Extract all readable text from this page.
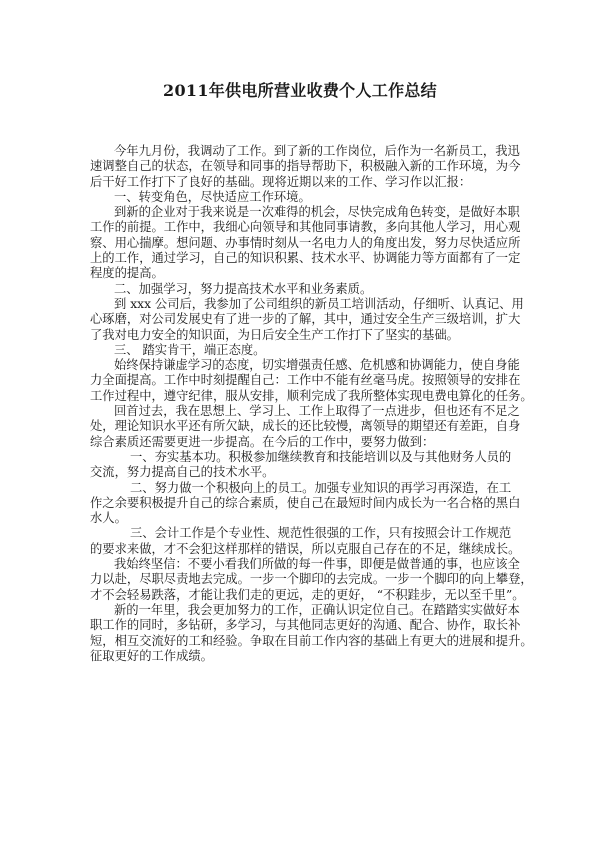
2011年供电所营业收费个人工作总结
今年九月份，我调动了工作。到了新的工作岗位，后作为一名新员工，我迅
速调整自己的状态，在领导和同事的指导帮助下，积极融入新的工作环境，为今
后干好工作打下了良好的基础。现将近期以来的工作、学习作以汇报：
一、转变角色，尽快适应工作环境。
到新的企业对于我来说是一次难得的机会，尽快完成角色转变，是做好本职
工作的前提。工作中，我细心向领导和其他同事请教，多向其他人学习，用心观
察、用心揣摩。想问题、办事情时刻从一名电力人的角度出发，努力尽快适应所
上的工作，通过学习，自己的知识积累、技术水平、协调能力等方面都有了一定
程度的提高。
二、加强学习，努力提高技术水平和业务素质。
到 xxx 公司后，我参加了公司组织的新员工培训活动，仔细听、认真记、用
心琢磨，对公司发展史有了进一步的了解，其中，通过安全生产三级培训，扩大
了我对电力安全的知识面，为日后安全生产工作打下了坚实的基础。
三、 踏实肯干，端正态度。
始终保持谦虚学习的态度，切实增强责任感、危机感和协调能力，使自身能
力全面提高。工作中时刻提醒自己：工作中不能有丝毫马虎。按照领导的安排在
工作过程中，遵守纪律，服从安排，顺利完成了我所整体实现电费电算化的任务。
回首过去，我在思想上、学习上、工作上取得了一点进步，但也还有不足之
处，理论知识水平还有所欠缺，成长的还比较慢，离领导的期望还有差距，自身
综合素质还需要更进一步提高。在今后的工作中，要努力做到：
一、夯实基本功。积极参加继续教育和技能培训以及与其他财务人员的
交流，努力提高自己的技术水平。
二、努力做一个积极向上的员工。加强专业知识的再学习再深造，在工
作之余要积极提升自己的综合素质，使自己在最短时间内成长为一名合格的黑白
水人。
三、会计工作是个专业性、规范性很强的工作，只有按照会计工作规范
的要求来做，才不会犯这样那样的错误，所以克服自己存在的不足，继续成长。
我始终坚信：不要小看我们所做的每一件事，即便是做普通的事，也应该全
力以赴，尽职尽责地去完成。一步一个脚印的去完成。一步一个脚印的向上攀登，
才不会轻易跌落，才能让我们走的更远，走的更好， “不积跬步，无以至千里”。
新的一年里，我会更加努力的工作，正确认识定位自己。在踏踏实实做好本
职工作的同时，多钻研，多学习，与其他同志更好的沟通、配合、协作，取长补
短，相互交流好的工和经验。争取在目前工作内容的基础上有更大的进展和提升。
征取更好的工作成绩。
